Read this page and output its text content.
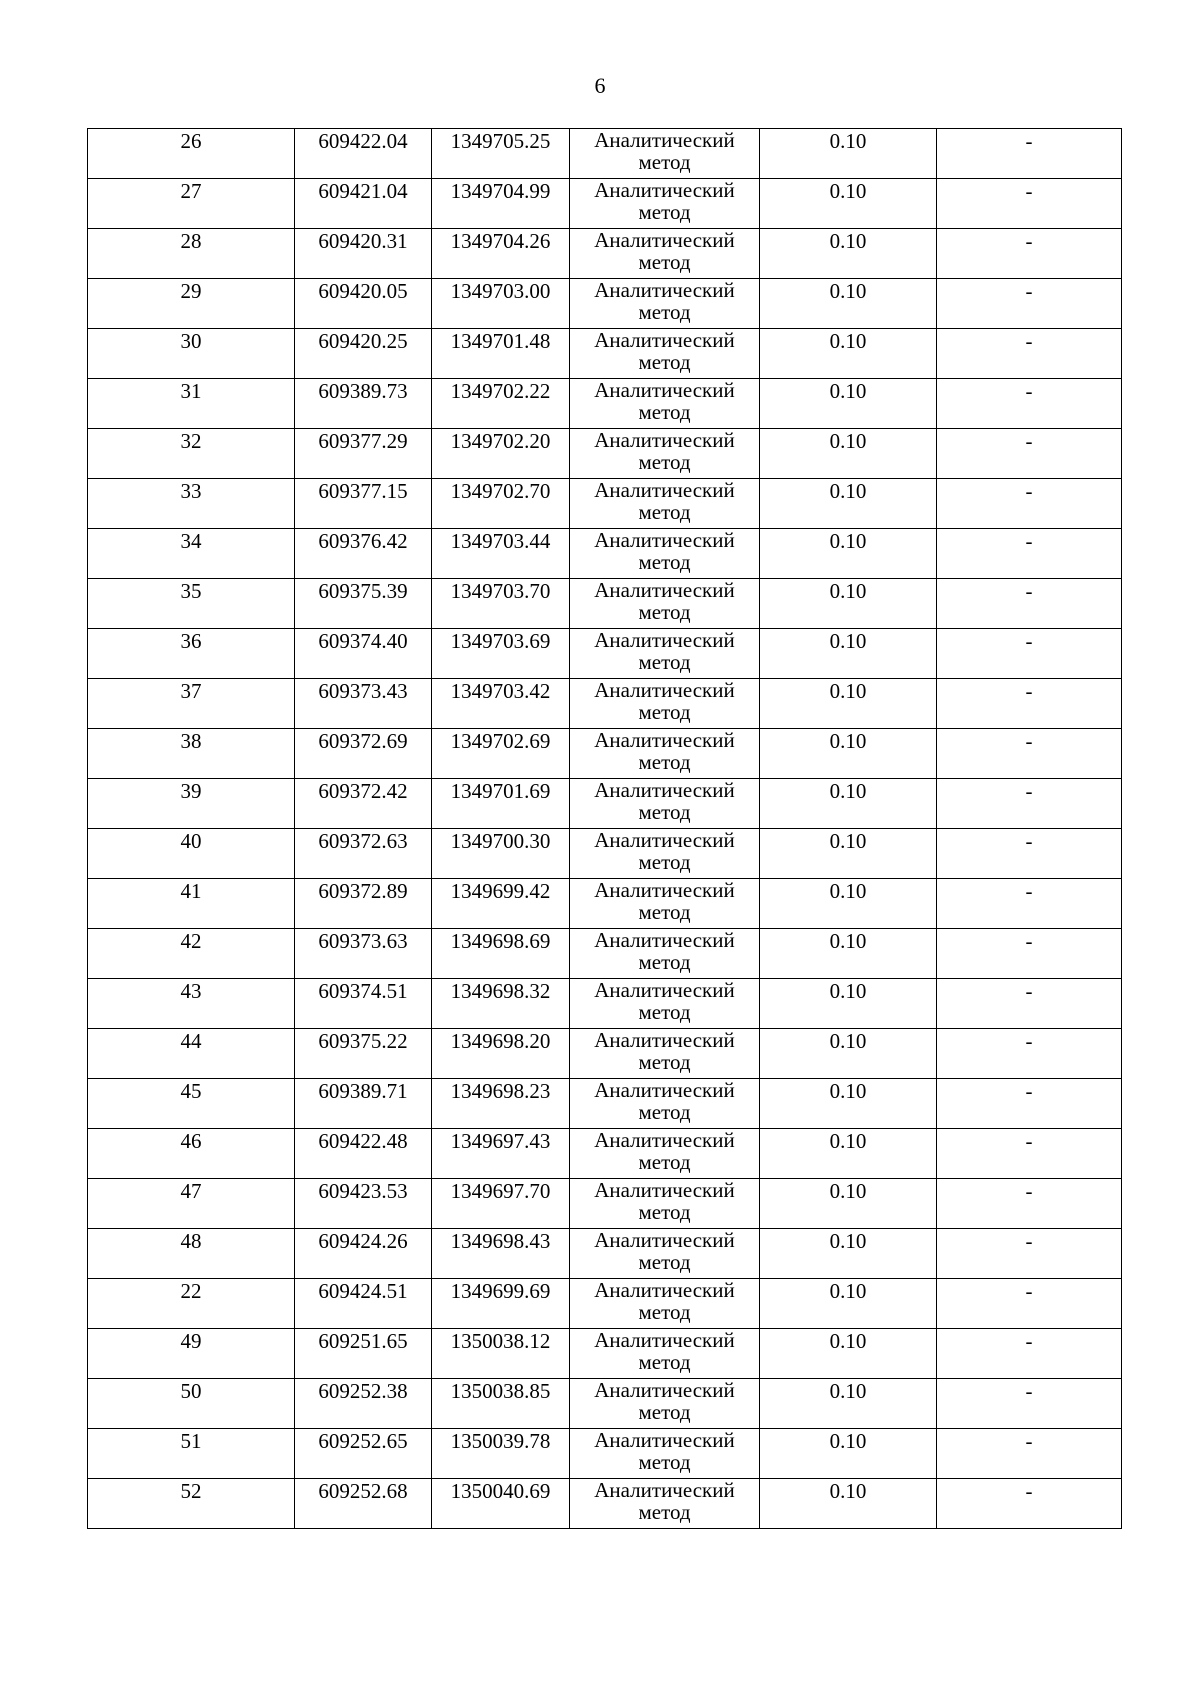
6
26	609422.04	1349705.25	Аналитический
метод	0.10	-
27	609421.04	1349704.99	Аналитический
метод	0.10	-
28	609420.31	1349704.26	Аналитический
метод	0.10	-
29	609420.05	1349703.00	Аналитический
метод	0.10	-
30	609420.25	1349701.48	Аналитический
метод	0.10	-
31	609389.73	1349702.22	Аналитический
метод	0.10	-
32	609377.29	1349702.20	Аналитический
метод	0.10	-
33	609377.15	1349702.70	Аналитический
метод	0.10	-
34	609376.42	1349703.44	Аналитический
метод	0.10	-
35	609375.39	1349703.70	Аналитический
метод	0.10	-
36	609374.40	1349703.69	Аналитический
метод	0.10	-
37	609373.43	1349703.42	Аналитический
метод	0.10	-
38	609372.69	1349702.69	Аналитический
метод	0.10	-
39	609372.42	1349701.69	Аналитический
метод	0.10	-
40	609372.63	1349700.30	Аналитический
метод	0.10	-
41	609372.89	1349699.42	Аналитический
метод	0.10	-
42	609373.63	1349698.69	Аналитический
метод	0.10	-
43	609374.51	1349698.32	Аналитический
метод	0.10	-
44	609375.22	1349698.20	Аналитический
метод	0.10	-
45	609389.71	1349698.23	Аналитический
метод	0.10	-
46	609422.48	1349697.43	Аналитический
метод	0.10	-
47	609423.53	1349697.70	Аналитический
метод	0.10	-
48	609424.26	1349698.43	Аналитический
метод	0.10	-
22	609424.51	1349699.69	Аналитический
метод	0.10	-
49	609251.65	1350038.12	Аналитический
метод	0.10	-
50	609252.38	1350038.85	Аналитический
метод	0.10	-
51	609252.65	1350039.78	Аналитический
метод	0.10	-
52	609252.68	1350040.69	Аналитический
метод	0.10	-
